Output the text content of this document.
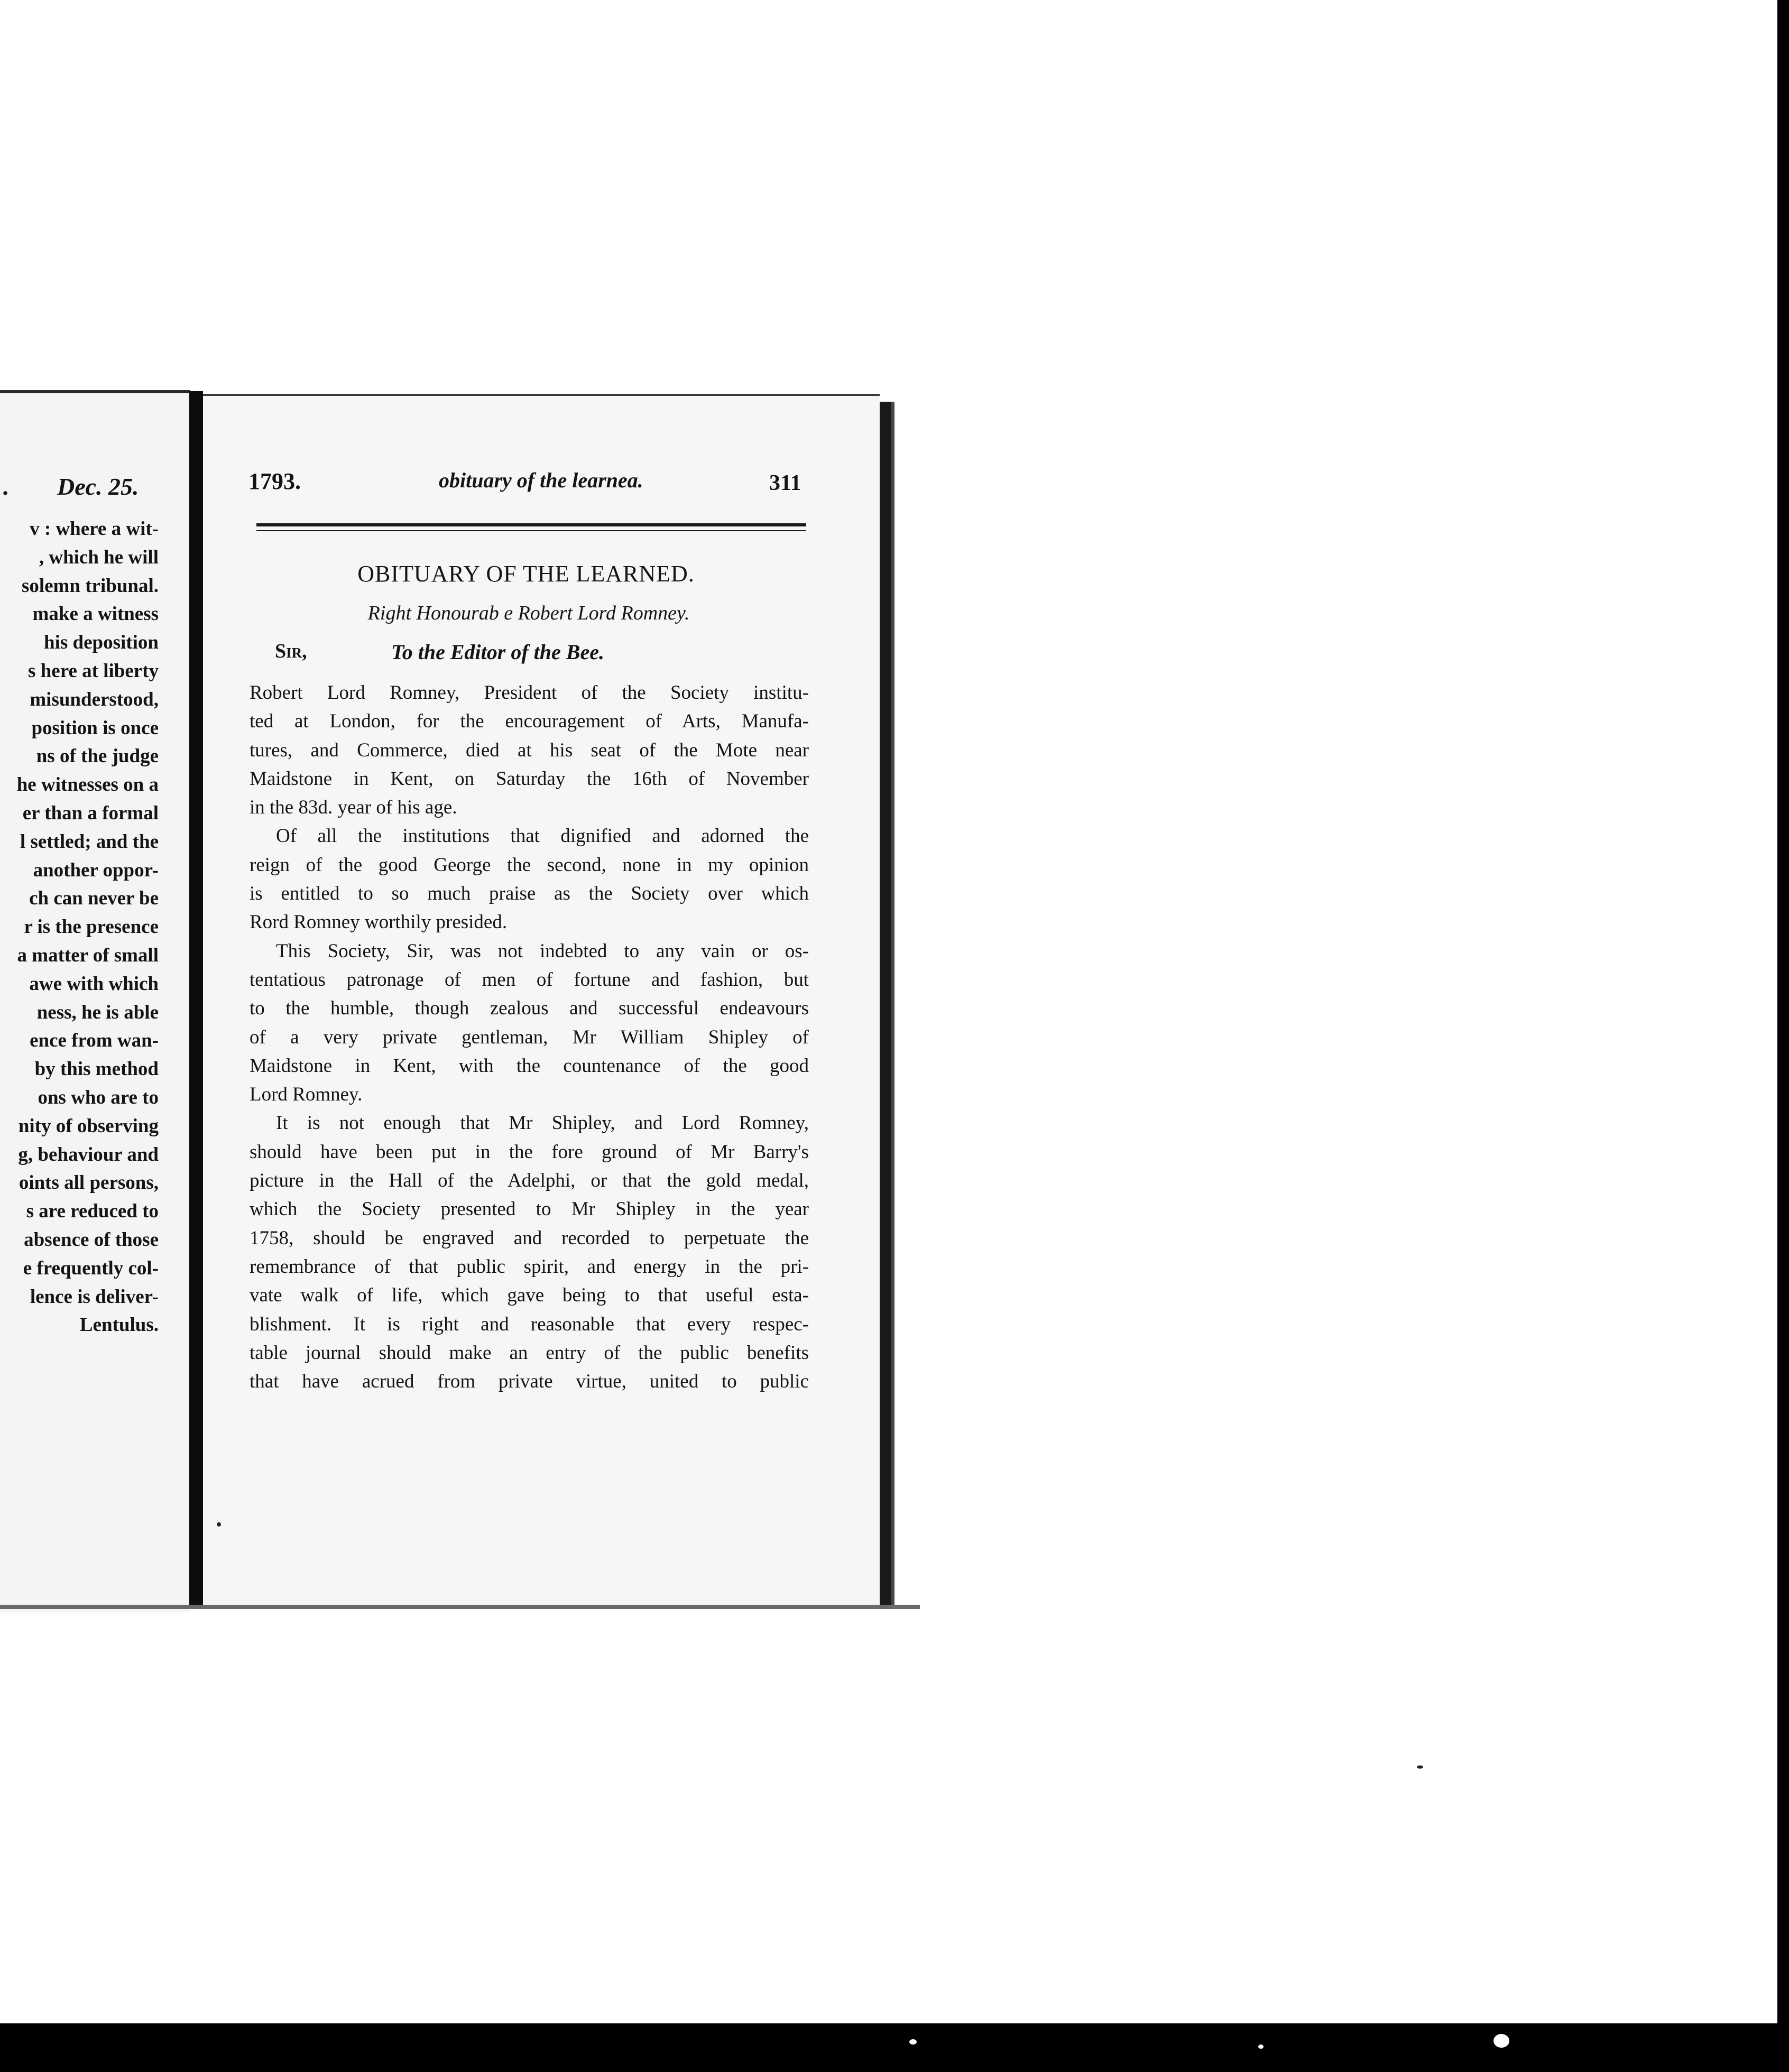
. Dec. 25.
v : where a wit-
, which he will
solemn tribunal.
make a witness
his deposition
s here at liberty
misunderstood,
position is once
ns of the judge
he witnesses on a
er than a formal
l settled; and the
another oppor-
ch can never be
r is the presence
a matter of small
awe with which
ness, he is able
ence from wan-
by this method
ons who are to
nity of observing
g, behaviour and
oints all persons,
s are reduced to
absence of those
e frequently col-
lence is deliver-
Lentulus.
1793.	obituary of the learnea.	311
OBITUARY OF THE LEARNED.
Right Honourab e Robert Lord Romney.
Sir,	To the Editor of the Bee.
Robert Lord Romney, President of the Society institu-
ted at London, for the encouragement of Arts, Manufa-
tures, and Commerce, died at his seat of the Mote near
Maidstone in Kent, on Saturday the 16th of November
in the 83d. year of his age.
Of all the institutions that dignified and adorned the
reign of the good George the second, none in my opinion
is entitled to so much praise as the Society over which
Rord Romney worthily presided.
This Society, Sir, was not indebted to any vain or os-
tentatious patronage of men of fortune and fashion, but
to the humble, though zealous and successful endeavours
of a very private gentleman, Mr William Shipley of
Maidstone in Kent, with the countenance of the good
Lord Romney.
It is not enough that Mr Shipley, and Lord Romney,
should have been put in the fore ground of Mr Barry's
picture in the Hall of the Adelphi, or that the gold medal,
which the Society presented to Mr Shipley in the year
1758, should be engraved and recorded to perpetuate the
remembrance of that public spirit, and energy in the pri-
vate walk of life, which gave being to that useful esta-
blishment. It is right and reasonable that every respec-
table journal should make an entry of the public benefits
that have acrued from private virtue, united to public
